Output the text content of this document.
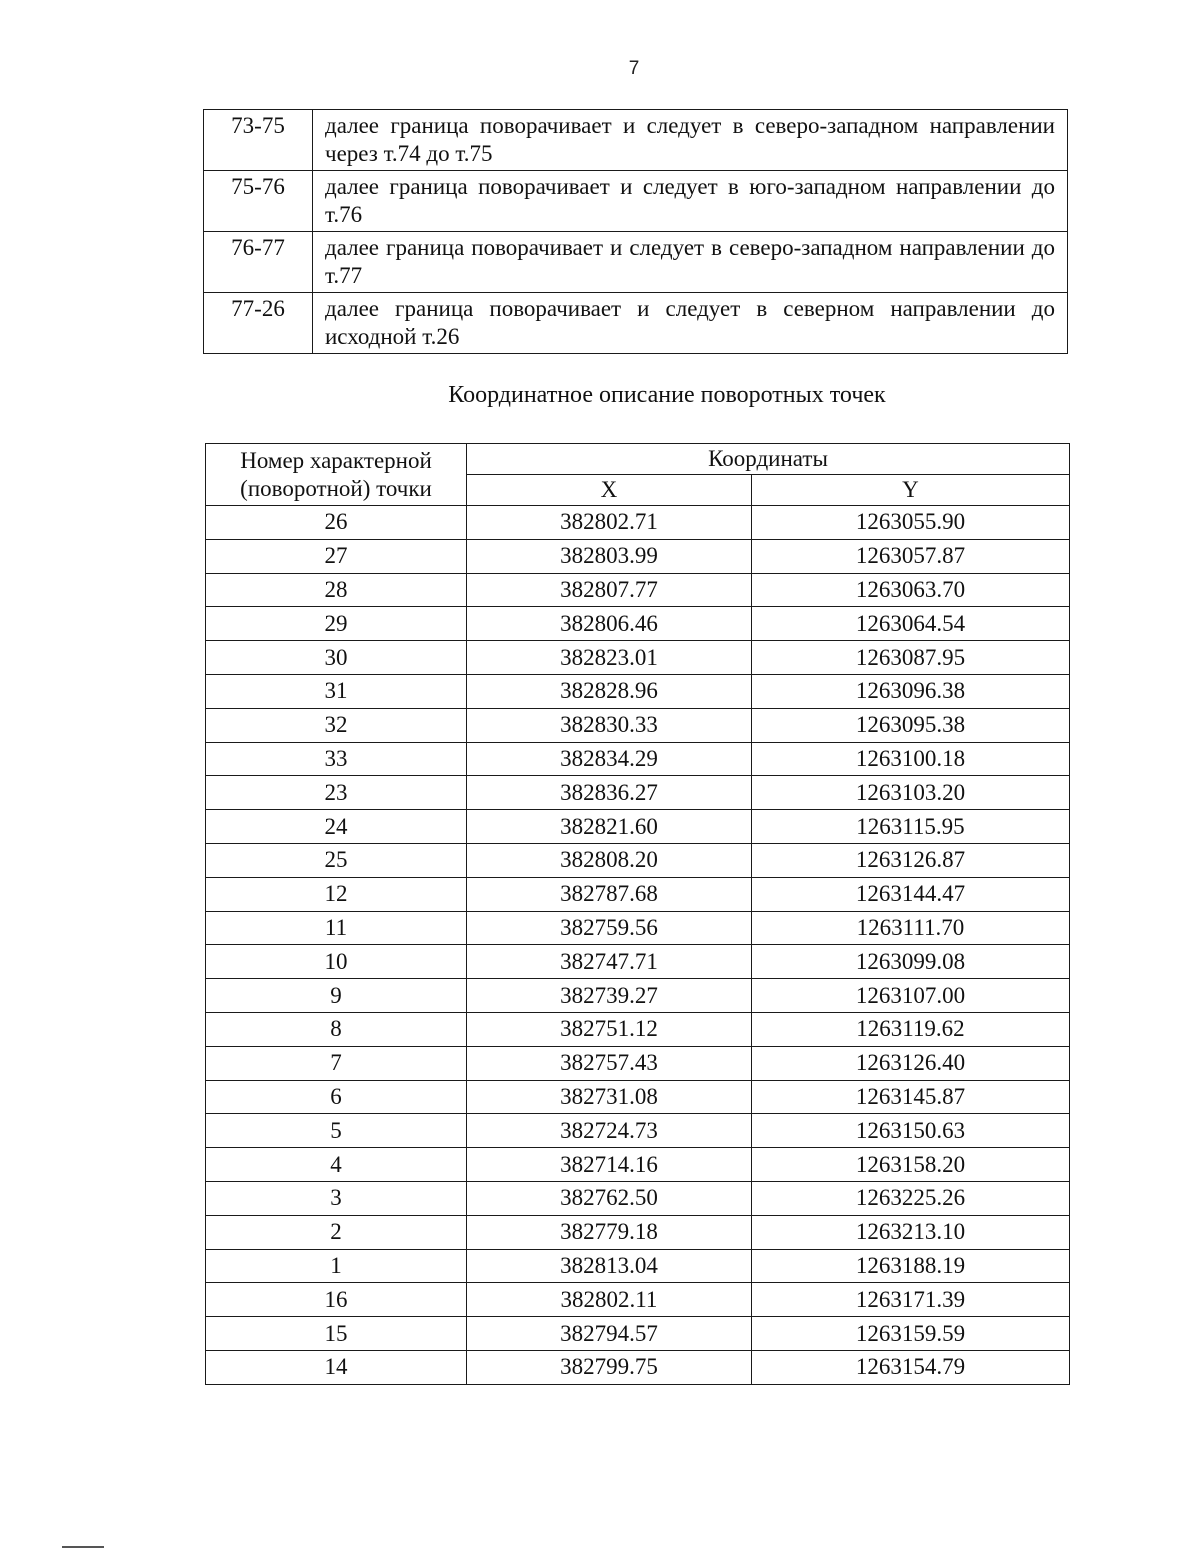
7
73-75	далее граница поворачивает и следует в северо-западном направлении через т.74 до т.75
75-76	далее граница поворачивает и следует в юго-западном направлении до т.76
76-77	далее граница поворачивает и следует в северо-западном направлении до т.77
77-26	далее граница поворачивает и следует в северном направлении до исходной т.26
Координатное описание поворотных точек
Номер характерной (поворотной) точки	Координаты	
	X	Y
26	382802.71	1263055.90
27	382803.99	1263057.87
28	382807.77	1263063.70
29	382806.46	1263064.54
30	382823.01	1263087.95
31	382828.96	1263096.38
32	382830.33	1263095.38
33	382834.29	1263100.18
23	382836.27	1263103.20
24	382821.60	1263115.95
25	382808.20	1263126.87
12	382787.68	1263144.47
11	382759.56	1263111.70
10	382747.71	1263099.08
9	382739.27	1263107.00
8	382751.12	1263119.62
7	382757.43	1263126.40
6	382731.08	1263145.87
5	382724.73	1263150.63
4	382714.16	1263158.20
3	382762.50	1263225.26
2	382779.18	1263213.10
1	382813.04	1263188.19
16	382802.11	1263171.39
15	382794.57	1263159.59
14	382799.75	1263154.79
